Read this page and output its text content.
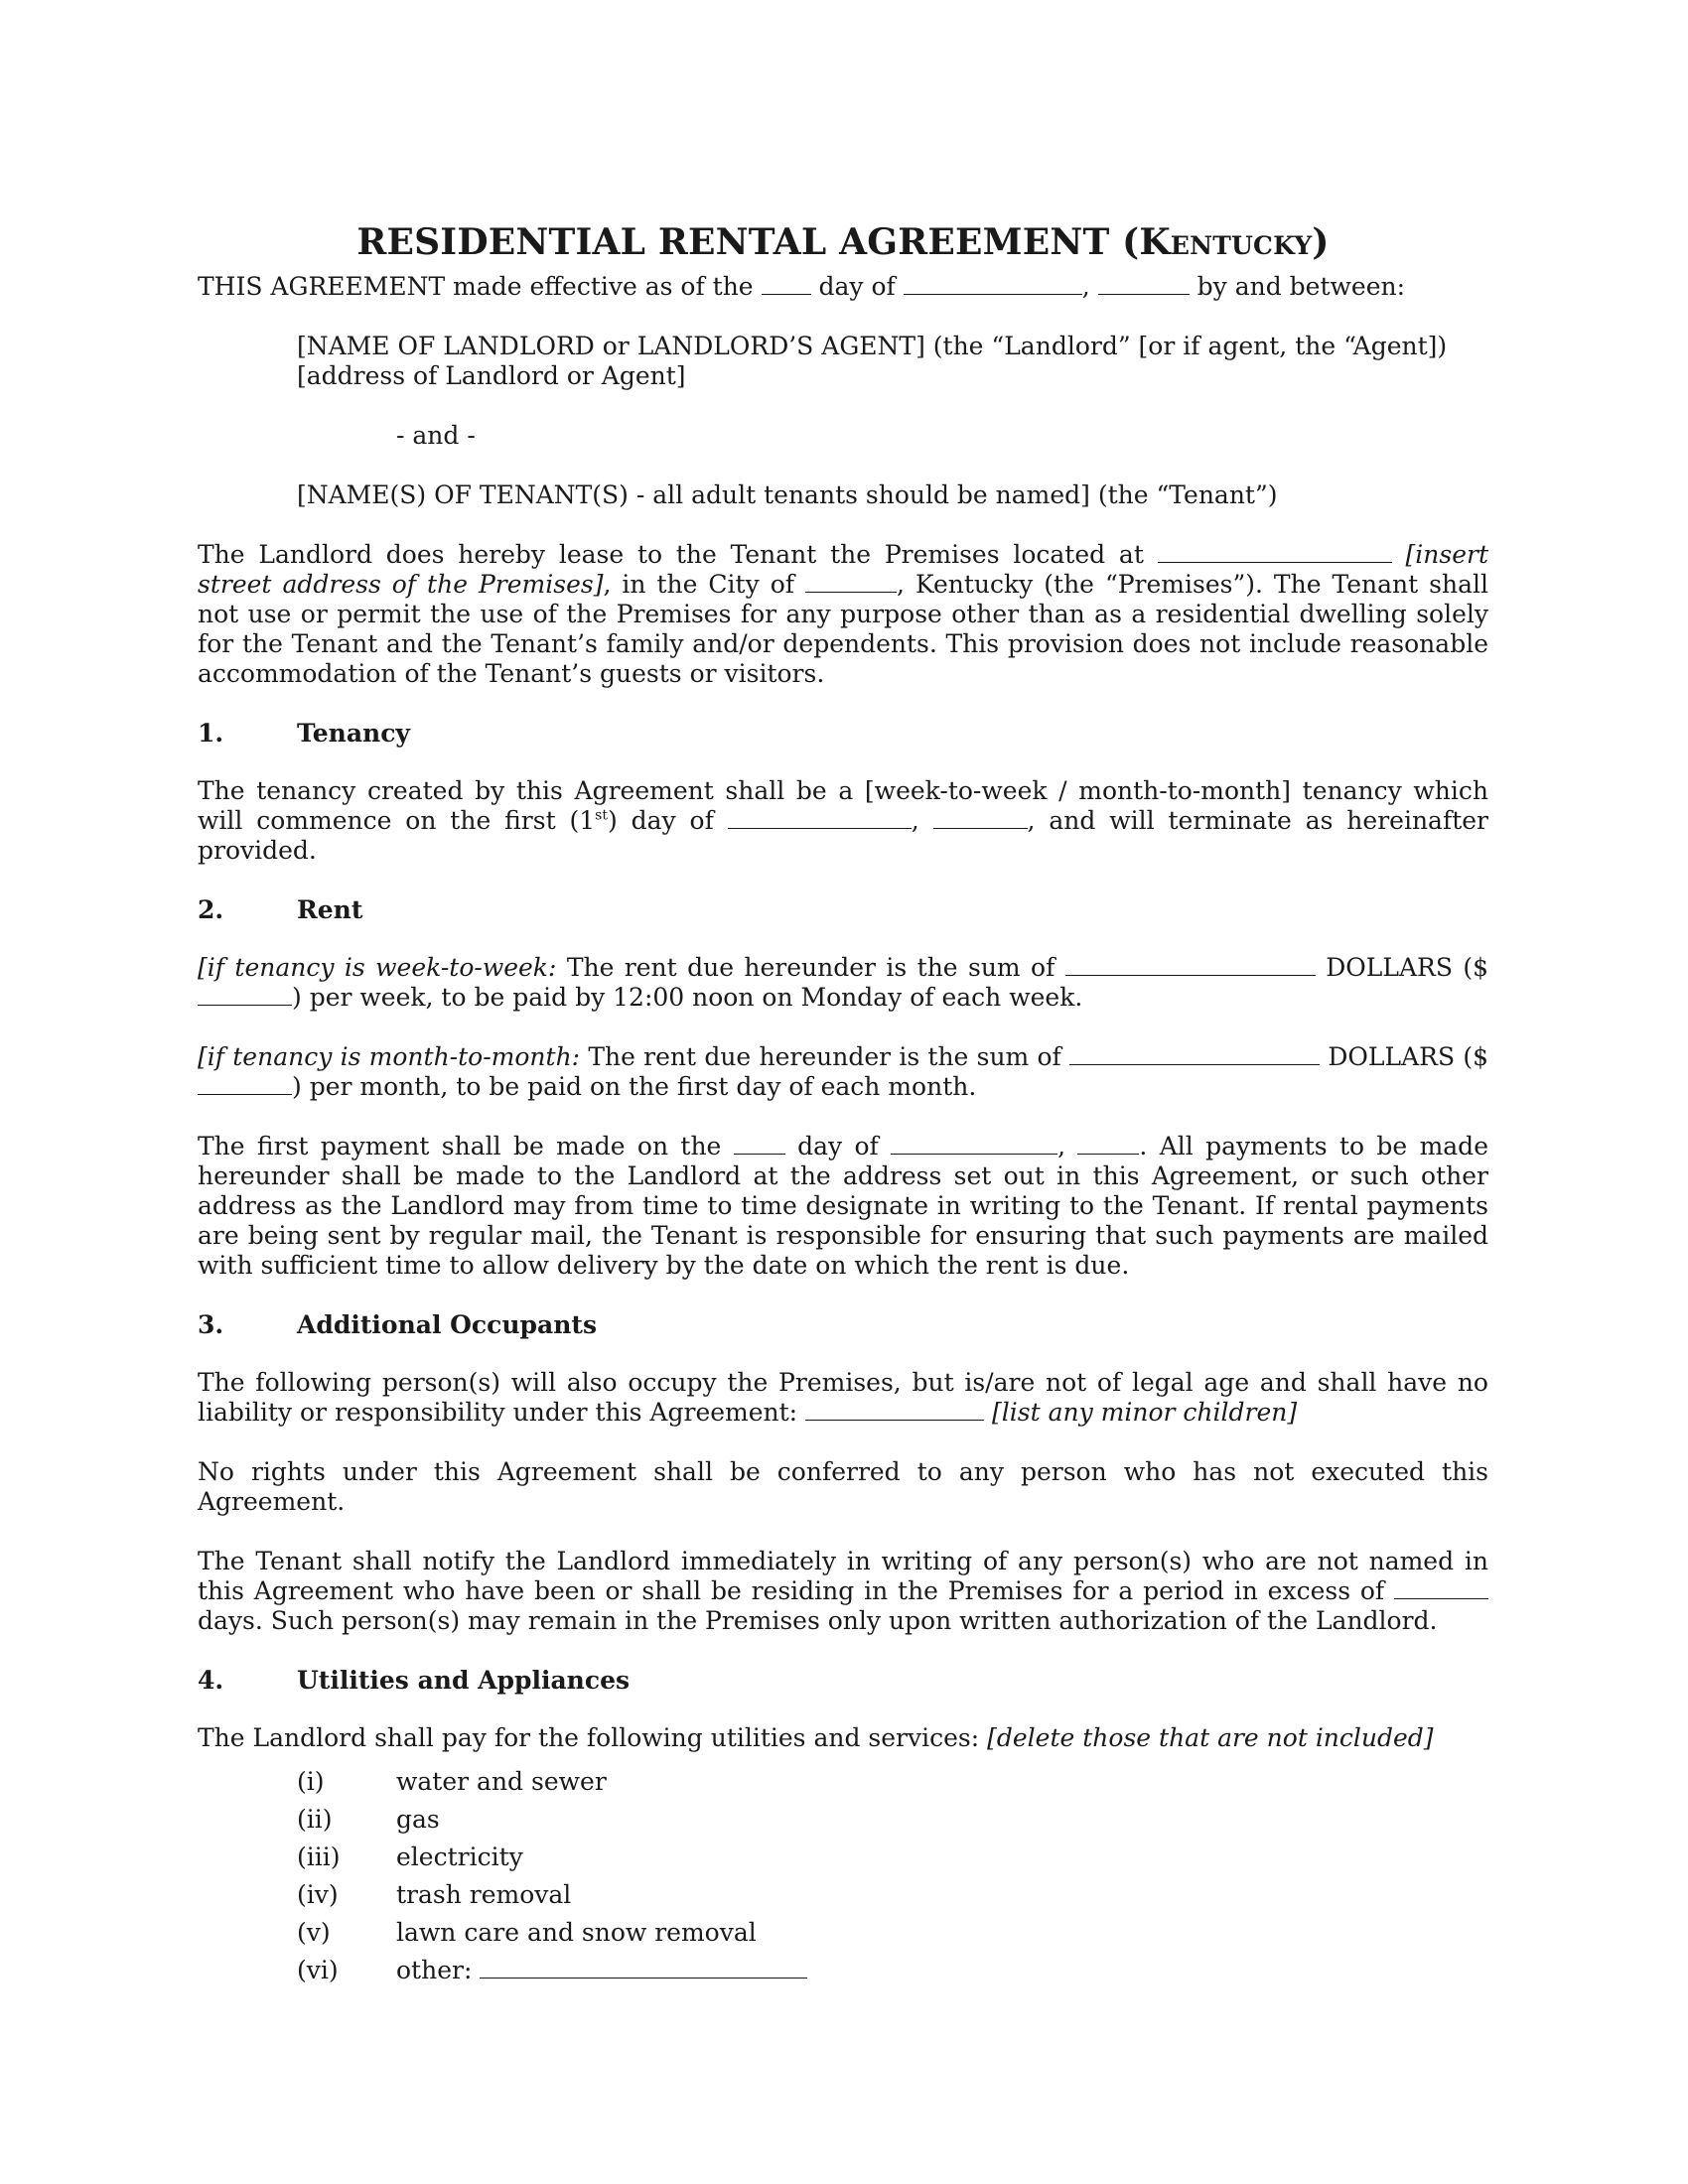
RESIDENTIAL RENTAL AGREEMENT (Kentucky)

THIS AGREEMENT made effective as of the	day of	,	by and between:

[NAME OF LANDLORD or LANDLORD’S AGENT] (the “Landlord” [or if agent, the “Agent])

[address of Landlord or Agent]

- and -

[NAME(S) OF TENANT(S) - all adult tenants should be named] (the “Tenant”)

The Landlord does hereby lease to the Tenant the Premises located at	[insert street address of the Premises], in the City of	, Kentucky (the “Premises”). The Tenant shall not use or permit the use of the Premises for any purpose other than as a residential dwelling solely for the Tenant and the Tenant’s family and/or dependents. This provision does not include reasonable accommodation of the Tenant’s guests or visitors.

1.	Tenancy

The tenancy created by this Agreement shall be a [week-to-week / month-to-month] tenancy which will commence on the first (1st) day of	,	, and will terminate as hereinafter provided.

2.	Rent

[if tenancy is week-to-week: The rent due hereunder is the sum of	DOLLARS ($) per week, to be paid by 12:00 noon on Monday of each week.

[if tenancy is month-to-month: The rent due hereunder is the sum of	DOLLARS ($) per month, to be paid on the first day of each month.

The first payment shall be made on the	day of	,	. All payments to be made hereunder shall be made to the Landlord at the address set out in this Agreement, or such other address as the Landlord may from time to time designate in writing to the Tenant. If rental payments are being sent by regular mail, the Tenant is responsible for ensuring that such payments are mailed with sufficient time to allow delivery by the date on which the rent is due.

3.	Additional Occupants

The following person(s) will also occupy the Premises, but is/are not of legal age and shall have no liability or responsibility under this Agreement:	[list any minor children]

No rights under this Agreement shall be conferred to any person who has not executed this Agreement.

The Tenant shall notify the Landlord immediately in writing of any person(s) who are not named in this Agreement who have been or shall be residing in the Premises for a period in excess of  days. Such person(s) may remain in the Premises only upon written authorization of the Landlord.

4.	Utilities and Appliances

The Landlord shall pay for the following utilities and services: [delete those that are not included]

(i)	water and sewer
(ii)	gas
(iii) electricity
(iv) trash removal
(v)	lawn care and snow removal
(vi) other:
